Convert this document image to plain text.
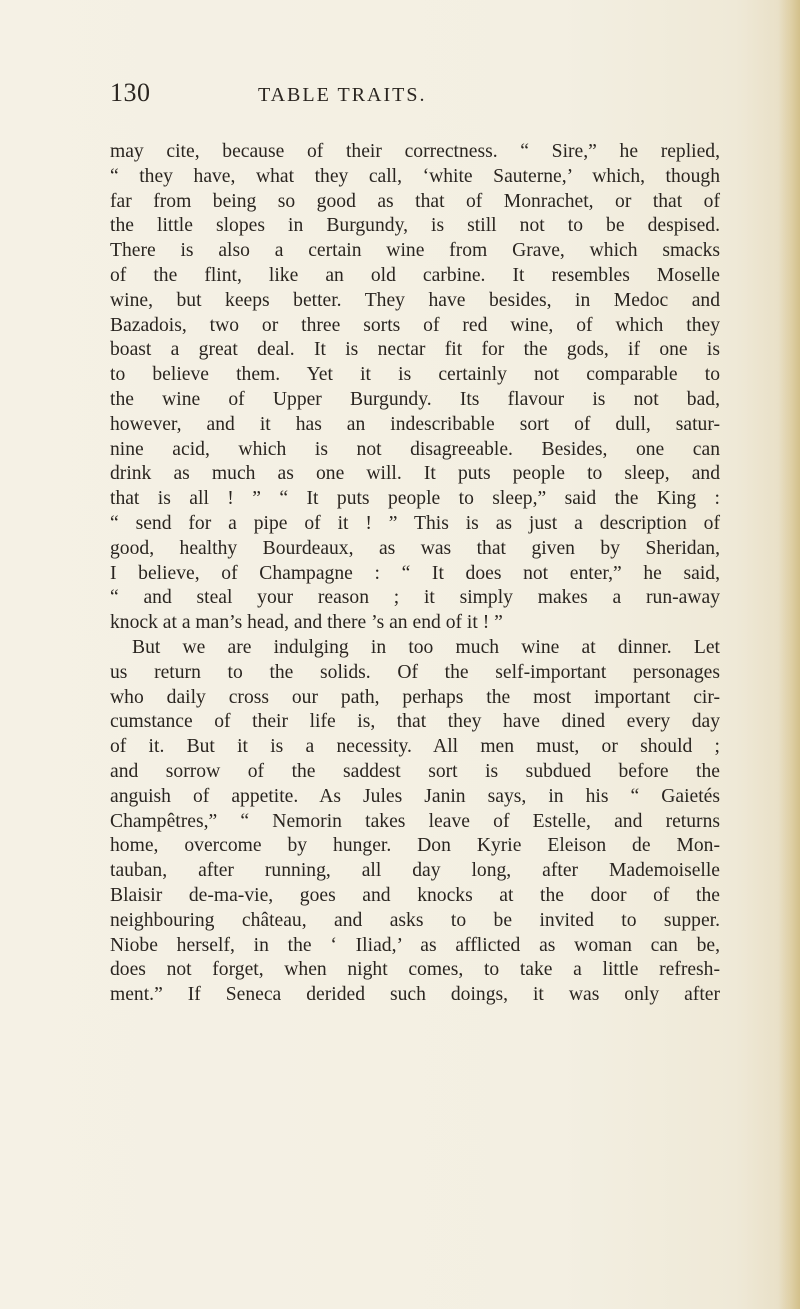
130	TABLE TRAITS.
may cite, because of their correctness. “ Sire,” he replied,
“ they have, what they call, ‘white Sauterne,’ which, though
far from being so good as that of Monrachet, or that of
the little slopes in Burgundy, is still not to be despised.
There is also a certain wine from Grave, which smacks
of the flint, like an old carbine. It resembles Moselle
wine, but keeps better. They have besides, in Medoc and
Bazadois, two or three sorts of red wine, of which they
boast a great deal. It is nectar fit for the gods, if one is
to believe them. Yet it is certainly not comparable to
the wine of Upper Burgundy. Its flavour is not bad,
however, and it has an indescribable sort of dull, satur-
nine acid, which is not disagreeable. Besides, one can
drink as much as one will. It puts people to sleep, and
that is all ! ” “ It puts people to sleep,” said the King :
“ send for a pipe of it ! ” This is as just a description of
good, healthy Bourdeaux, as was that given by Sheridan,
I believe, of Champagne : “ It does not enter,” he said,
“ and steal your reason ; it simply makes a run-away
knock at a man’s head, and there ’s an end of it ! ”
But we are indulging in too much wine at dinner. Let
us return to the solids. Of the self-important personages
who daily cross our path, perhaps the most important cir-
cumstance of their life is, that they have dined every day
of it. But it is a necessity. All men must, or should ;
and sorrow of the saddest sort is subdued before the
anguish of appetite. As Jules Janin says, in his “ Gaietés
Champêtres,” “ Nemorin takes leave of Estelle, and returns
home, overcome by hunger. Don Kyrie Eleison de Mon-
tauban, after running, all day long, after Mademoiselle
Blaisir de-ma-vie, goes and knocks at the door of the
neighbouring château, and asks to be invited to supper.
Niobe herself, in the ‘ Iliad,’ as afflicted as woman can be,
does not forget, when night comes, to take a little refresh-
ment.” If Seneca derided such doings, it was only after
